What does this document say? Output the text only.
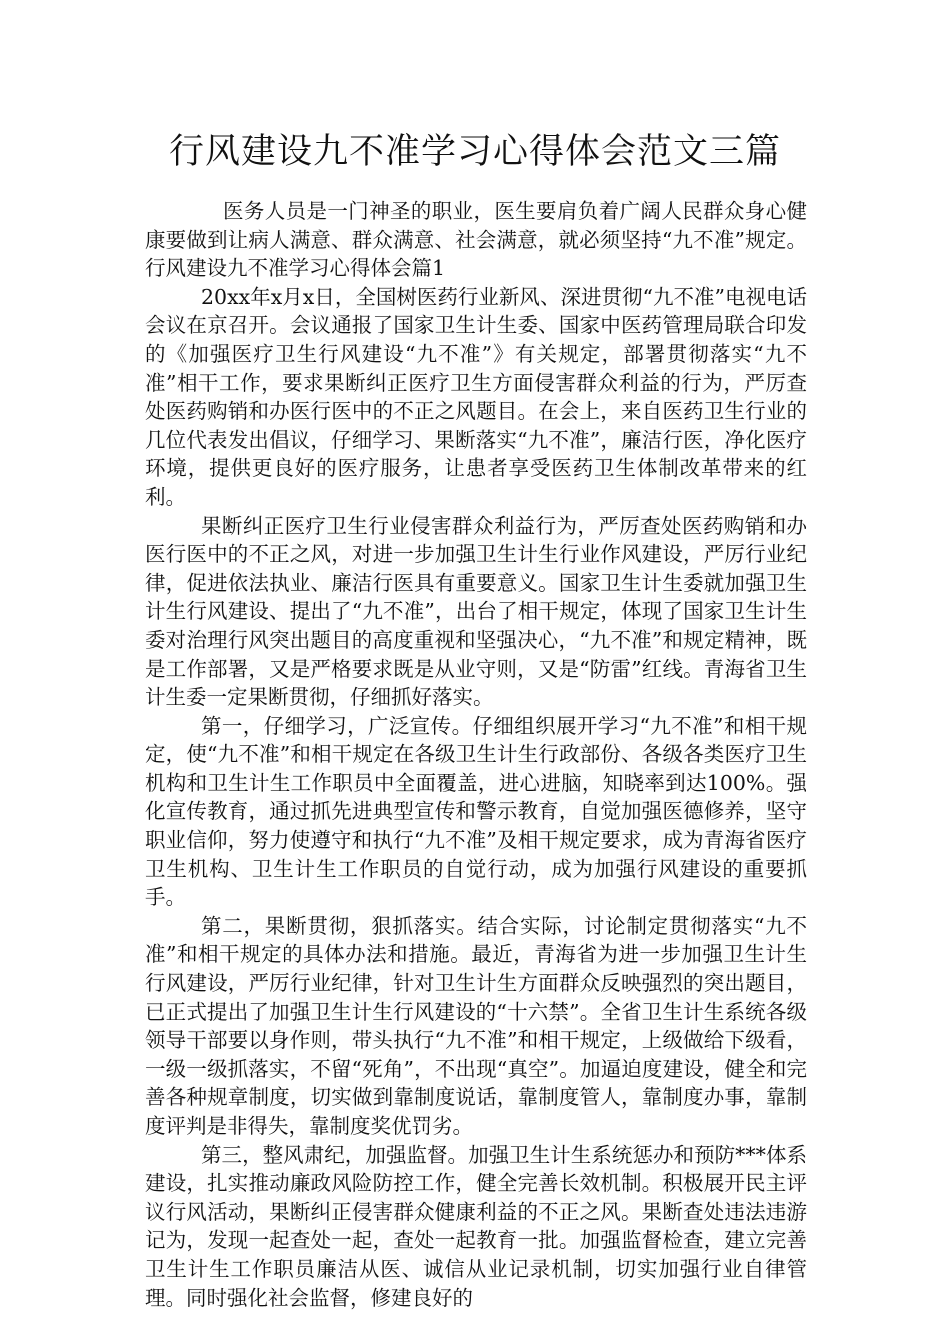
行风建设九不准学习心得体会范文三篇

医务人员是一门神圣的职业，医生要肩负着广阔人民群众身心健康要做到让病人满意、群众满意、社会满意，就必须坚持“九不准”规定。行风建设九不准学习心得体会篇1

20xx年x月x日，全国树医药行业新风、深进贯彻“九不准”电视电话会议在京召开。会议通报了国家卫生计生委、国家中医药管理局联合印发的《加强医疗卫生行风建设“九不准”》有关规定，部署贯彻落实“九不准”相干工作，要求果断纠正医疗卫生方面侵害群众利益的行为，严厉查处医药购销和办医行医中的不正之风题目。在会上，来自医药卫生行业的几位代表发出倡议，仔细学习、果断落实“九不准”，廉洁行医，净化医疗环境，提供更良好的医疗服务，让患者享受医药卫生体制改革带来的红利。

果断纠正医疗卫生行业侵害群众利益行为，严厉查处医药购销和办医行医中的不正之风，对进一步加强卫生计生行业作风建设，严厉行业纪律，促进依法执业、廉洁行医具有重要意义。国家卫生计生委就加强卫生计生行风建设、提出了“九不准”，出台了相干规定，体现了国家卫生计生委对治理行风突出题目的高度重视和坚强决心，“九不准”和规定精神，既是工作部署，又是严格要求既是从业守则，又是“防雷”红线。青海省卫生计生委一定果断贯彻，仔细抓好落实。

第一，仔细学习，广泛宣传。仔细组织展开学习“九不准”和相干规定，使“九不准”和相干规定在各级卫生计生行政部份、各级各类医疗卫生机构和卫生计生工作职员中全面覆盖，进心进脑，知晓率到达100%。强化宣传教育，通过抓先进典型宣传和警示教育，自觉加强医德修养，坚守职业信仰，努力使遵守和执行“九不准”及相干规定要求，成为青海省医疗卫生机构、卫生计生工作职员的自觉行动，成为加强行风建设的重要抓手。

第二，果断贯彻，狠抓落实。结合实际，讨论制定贯彻落实“九不准”和相干规定的具体办法和措施。最近，青海省为进一步加强卫生计生行风建设，严厉行业纪律，针对卫生计生方面群众反映强烈的突出题目，已正式提出了加强卫生计生行风建设的“十六禁”。全省卫生计生系统各级领导干部要以身作则，带头执行“九不准”和相干规定，上级做给下级看，一级一级抓落实，不留“死角”，不出现“真空”。加逼迫度建设，健全和完善各种规章制度，切实做到靠制度说话，靠制度管人，靠制度办事，靠制度评判是非得失，靠制度奖优罚劣。

第三，整风肃纪，加强监督。加强卫生计生系统惩办和预防***体系建设，扎实推动廉政风险防控工作，健全完善长效机制。积极展开民主评议行风活动，果断纠正侵害群众健康利益的不正之风。果断查处违法违游记为，发现一起查处一起，查处一起教育一批。加强监督检查，建立完善卫生计生工作职员廉洁从医、诚信从业记录机制，切实加强行业自律管理。同时强化社会监督，修建良好的
